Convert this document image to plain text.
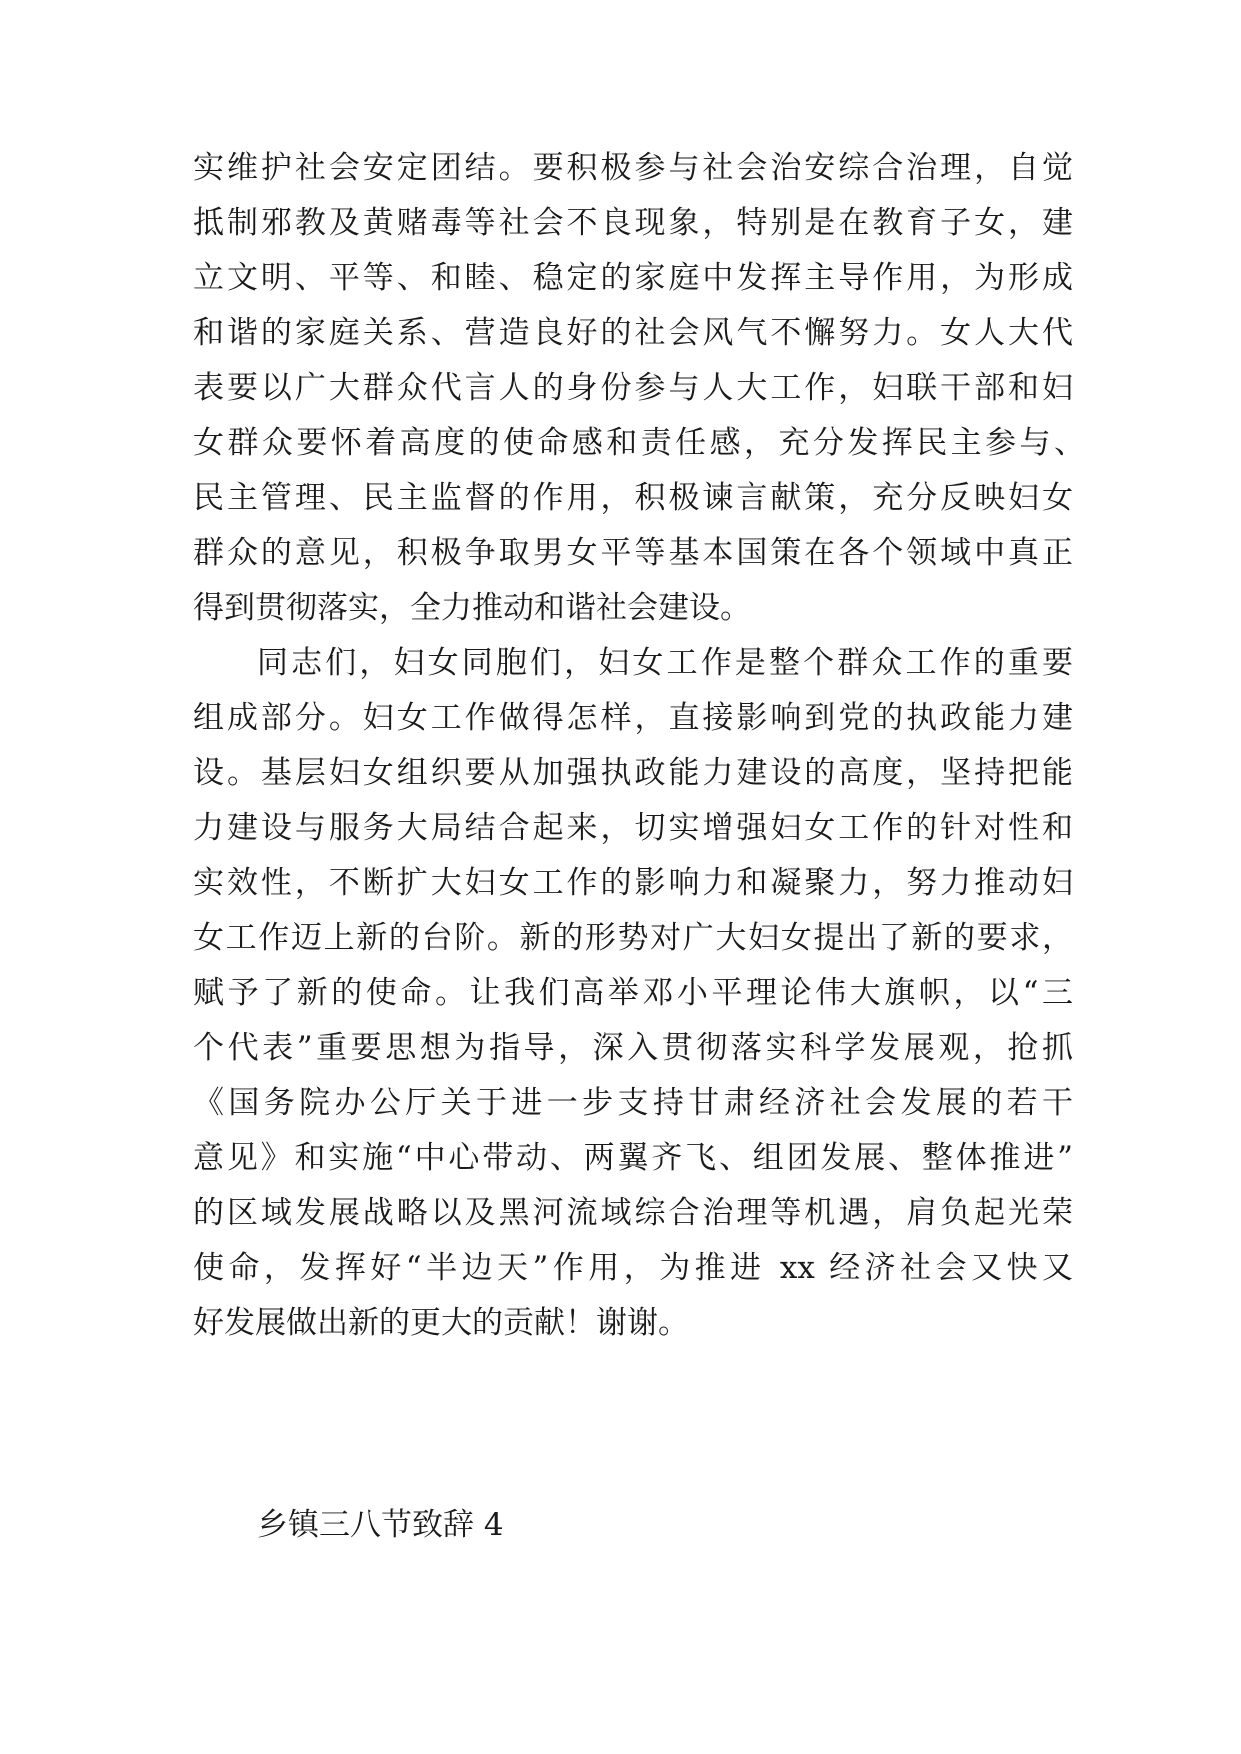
实维护社会安定团结。要积极参与社会治安综合治理，自觉
抵制邪教及黄赌毒等社会不良现象，特别是在教育子女，建
立文明、平等、和睦、稳定的家庭中发挥主导作用，为形成
和谐的家庭关系、营造良好的社会风气不懈努力。女人大代
表要以广大群众代言人的身份参与人大工作，妇联干部和妇
女群众要怀着高度的使命感和责任感，充分发挥民主参与、
民主管理、民主监督的作用，积极谏言献策，充分反映妇女
群众的意见，积极争取男女平等基本国策在各个领域中真正
得到贯彻落实，全力推动和谐社会建设。
同志们，妇女同胞们，妇女工作是整个群众工作的重要
组成部分。妇女工作做得怎样，直接影响到党的执政能力建
设。基层妇女组织要从加强执政能力建设的高度，坚持把能
力建设与服务大局结合起来，切实增强妇女工作的针对性和
实效性，不断扩大妇女工作的影响力和凝聚力，努力推动妇
女工作迈上新的台阶。新的形势对广大妇女提出了新的要求，
赋予了新的使命。让我们高举邓小平理论伟大旗帜，以“三
个代表”重要思想为指导，深入贯彻落实科学发展观，抢抓
《国务院办公厅关于进一步支持甘肃经济社会发展的若干
意见》和实施“中心带动、两翼齐飞、组团发展、整体推进”
的区域发展战略以及黑河流域综合治理等机遇，肩负起光荣
使命，发挥好“半边天”作用，为推进 xx 经济社会又快又
好发展做出新的更大的贡献！谢谢。
乡镇三八节致辞 4
